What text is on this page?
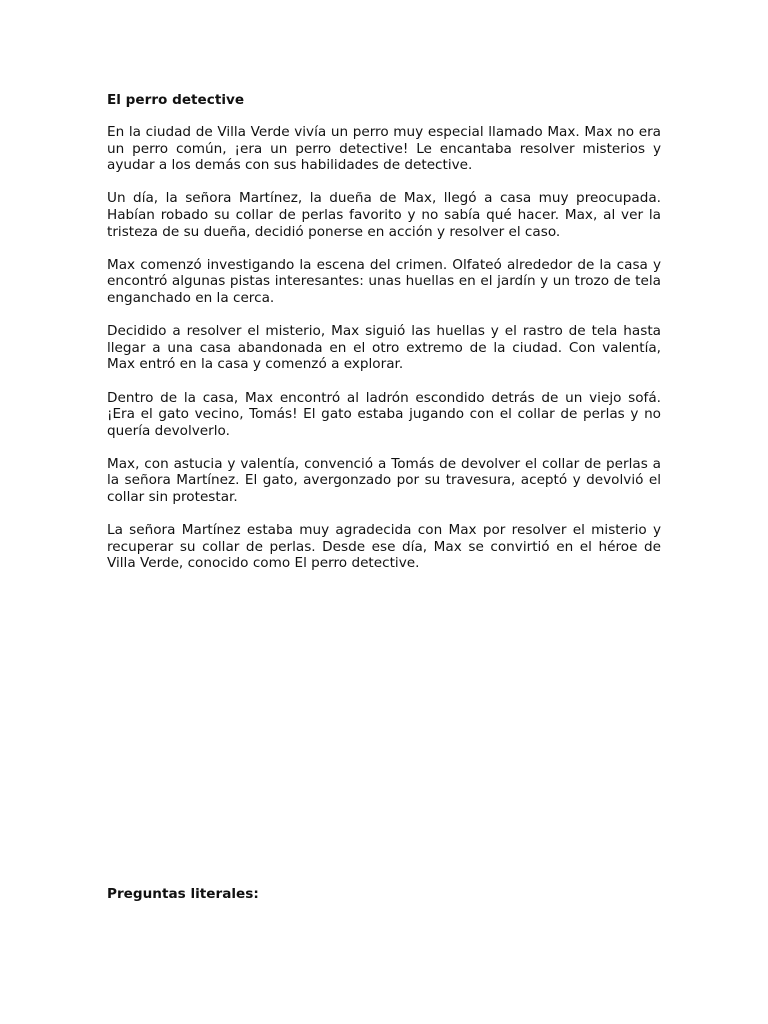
El perro detective

En la ciudad de Villa Verde vivía un perro muy especial llamado Max. Max no era un perro común, ¡era un perro detective! Le encantaba resolver misterios y ayudar a los demás con sus habilidades de detective.

Un día, la señora Martínez, la dueña de Max, llegó a casa muy preocupada. Habían robado su collar de perlas favorito y no sabía qué hacer. Max, al ver la tristeza de su dueña, decidió ponerse en acción y resolver el caso.

Max comenzó investigando la escena del crimen. Olfateó alrededor de la casa y encontró algunas pistas interesantes: unas huellas en el jardín y un trozo de tela enganchado en la cerca.

Decidido a resolver el misterio, Max siguió las huellas y el rastro de tela hasta llegar a una casa abandonada en el otro extremo de la ciudad. Con valentía, Max entró en la casa y comenzó a explorar.

Dentro de la casa, Max encontró al ladrón escondido detrás de un viejo sofá. ¡Era el gato vecino, Tomás! El gato estaba jugando con el collar de perlas y no quería devolverlo.

Max, con astucia y valentía, convenció a Tomás de devolver el collar de perlas a la señora Martínez. El gato, avergonzado por su travesura, aceptó y devolvió el collar sin protestar.

La señora Martínez estaba muy agradecida con Max por resolver el misterio y recuperar su collar de perlas. Desde ese día, Max se convirtió en el héroe de Villa Verde, conocido como El perro detective.

Preguntas literales:
